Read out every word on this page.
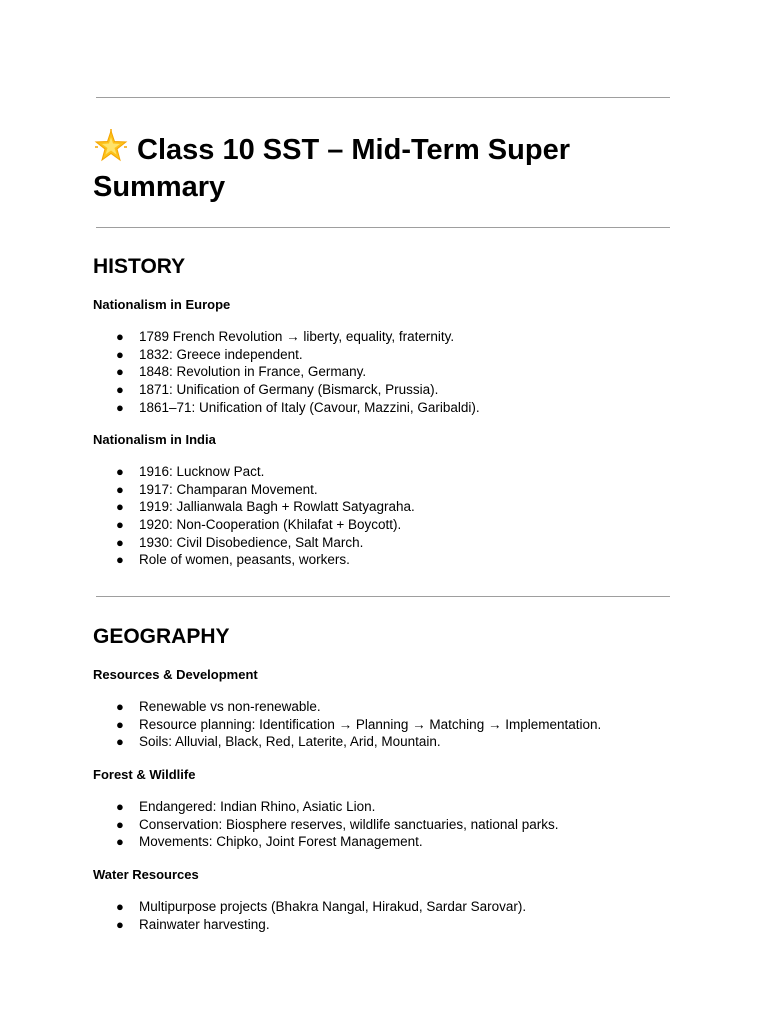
Class 10 SST – Mid-Term Super Summary
HISTORY
Nationalism in Europe
● 1789 French Revolution → liberty, equality, fraternity.
● 1832: Greece independent.
● 1848: Revolution in France, Germany.
● 1871: Unification of Germany (Bismarck, Prussia).
● 1861–71: Unification of Italy (Cavour, Mazzini, Garibaldi).
Nationalism in India
● 1916: Lucknow Pact.
● 1917: Champaran Movement.
● 1919: Jallianwala Bagh + Rowlatt Satyagraha.
● 1920: Non-Cooperation (Khilafat + Boycott).
● 1930: Civil Disobedience, Salt March.
● Role of women, peasants, workers.
GEOGRAPHY
Resources & Development
● Renewable vs non-renewable.
● Resource planning: Identification → Planning → Matching → Implementation.
● Soils: Alluvial, Black, Red, Laterite, Arid, Mountain.
Forest & Wildlife
● Endangered: Indian Rhino, Asiatic Lion.
● Conservation: Biosphere reserves, wildlife sanctuaries, national parks.
● Movements: Chipko, Joint Forest Management.
Water Resources
● Multipurpose projects (Bhakra Nangal, Hirakud, Sardar Sarovar).
● Rainwater harvesting.
